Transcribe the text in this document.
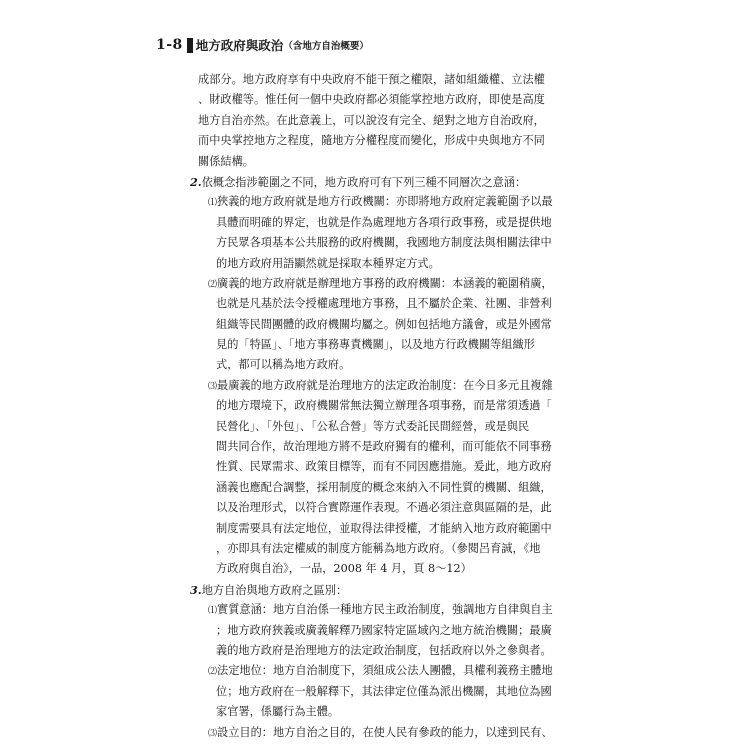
1-8 地方政府與政治 （含地方自治概要）
成部分。地方政府享有中央政府不能干預之權限，諸如組織權、立法權
、財政權等。惟任何一個中央政府都必須能掌控地方政府，即使是高度
地方自治亦然。在此意義上，可以說沒有完全、絕對之地方自治政府，
而中央掌控地方之程度，隨地方分權程度而變化，形成中央與地方不同
關係結構。
2.依概念指涉範圍之不同，地方政府可有下列三種不同層次之意涵：
⑴狹義的地方政府就是地方行政機關：亦即將地方政府定義範圍予以最
具體而明確的界定，也就是作為處理地方各項行政事務，或是提供地
方民眾各項基本公共服務的政府機關，我國地方制度法與相關法律中
的地方政府用語顯然就是採取本種界定方式。
⑵廣義的地方政府就是辦理地方事務的政府機關：本涵義的範圍稍廣，
也就是凡基於法令授權處理地方事務，且不屬於企業、社團、非營利
組織等民間團體的政府機關均屬之。例如包括地方議會，或是外國常
見的「特區」、「地方事務專責機關」，以及地方行政機關等組織形
式，都可以稱為地方政府。
⑶最廣義的地方政府就是治理地方的法定政治制度：在今日多元且複雜
的地方環境下，政府機關常無法獨立辦理各項事務，而是常須透過「
民營化」、「外包」、「公私合營」等方式委託民間經營，或是與民
間共同合作，故治理地方將不是政府獨有的權利，而可能依不同事務
性質、民眾需求、政策目標等，而有不同因應措施。爰此，地方政府
涵義也應配合調整，採用制度的概念來納入不同性質的機關、組織，
以及治理形式，以符合實際運作表現。不過必須注意與區隔的是，此
制度需要具有法定地位，並取得法律授權，才能納入地方政府範圍中
，亦即具有法定權威的制度方能稱為地方政府。（參閱呂育誠，《地
方政府與自治》，一品，2008 年 4 月，頁 8～12）
3.地方自治與地方政府之區別：
⑴實質意涵：地方自治係一種地方民主政治制度，強調地方自律與自主
；地方政府狹義或廣義解釋乃國家特定區域內之地方統治機關；最廣
義的地方政府是治理地方的法定政治制度，包括政府以外之參與者。
⑵法定地位：地方自治制度下，須組成公法人團體，具權利義務主體地
位；地方政府在一般解釋下，其法律定位僅為派出機關，其地位為國
家官署，係屬行為主體。
⑶設立目的：地方自治之目的，在使人民有參政的能力，以達到民有、
